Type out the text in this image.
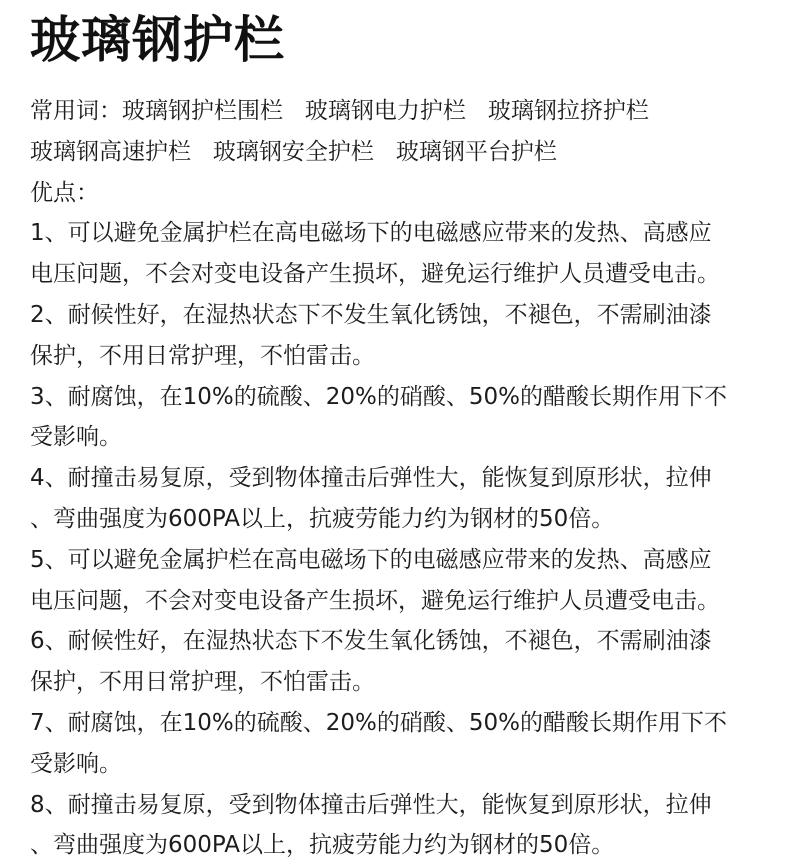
玻璃钢护栏
常用词：玻璃钢护栏围栏   玻璃钢电力护栏   玻璃钢拉挤护栏
玻璃钢高速护栏   玻璃钢安全护栏   玻璃钢平台护栏
优点：
1、可以避免金属护栏在高电磁场下的电磁感应带来的发热、高感应
电压问题，不会对变电设备产生损坏，避免运行维护人员遭受电击。
2、耐候性好，在湿热状态下不发生氧化锈蚀，不褪色，不需刷油漆
保护，不用日常护理，不怕雷击。
3、耐腐蚀，在10%的硫酸、20%的硝酸、50%的醋酸长期作用下不
受影响。
4、耐撞击易复原，受到物体撞击后弹性大，能恢复到原形状，拉伸
、弯曲强度为600PA以上，抗疲劳能力约为钢材的50倍。
5、可以避免金属护栏在高电磁场下的电磁感应带来的发热、高感应
电压问题，不会对变电设备产生损坏，避免运行维护人员遭受电击。
6、耐候性好，在湿热状态下不发生氧化锈蚀，不褪色，不需刷油漆
保护，不用日常护理，不怕雷击。
7、耐腐蚀，在10%的硫酸、20%的硝酸、50%的醋酸长期作用下不
受影响。
8、耐撞击易复原，受到物体撞击后弹性大，能恢复到原形状，拉伸
、弯曲强度为600PA以上，抗疲劳能力约为钢材的50倍。
